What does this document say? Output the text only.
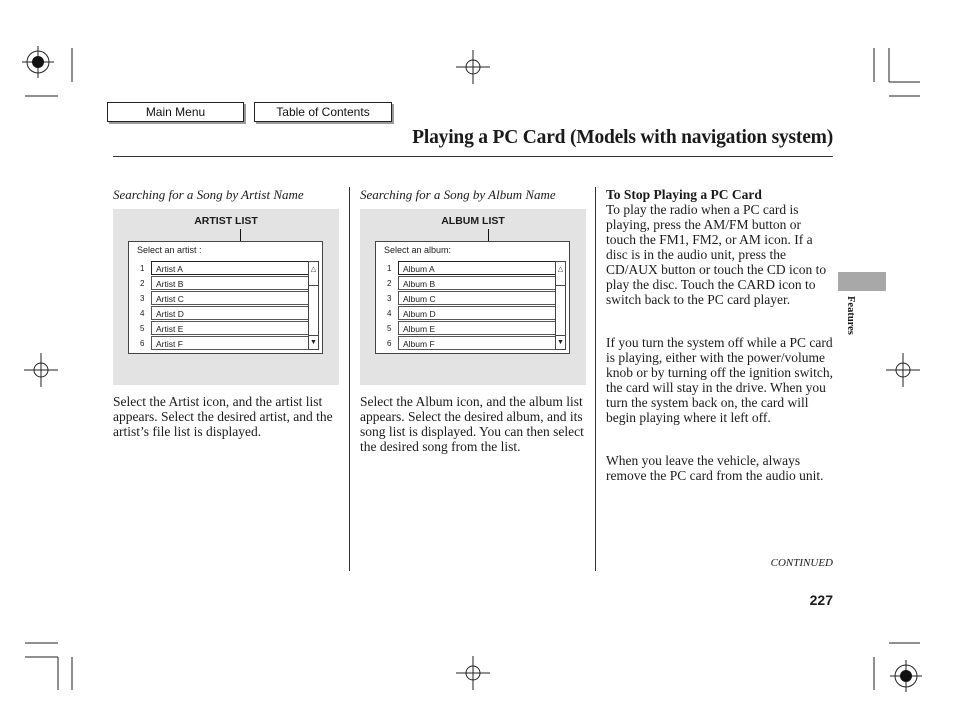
Main Menu	Table of Contents
Playing a PC Card (Models with navigation system)
Searching for a Song by Artist Name
ARTIST LIST
Select an artist :
1	Artist A
2	Artist B
3	Artist C
4	Artist D
5	Artist E
6	Artist F
△
▼
Select the Artist icon, and the artist list appears. Select the desired artist, and the artist’s file list is displayed.
Searching for a Song by Album Name
ALBUM LIST
Select an album:
1	Album A
2	Album B
3	Album C
4	Album D
5	Album E
6	Album F
△
▼
Select the Album icon, and the album list appears. Select the desired album, and its song list is displayed. You can then select the desired song from the list.
To Stop Playing a PC Card
To play the radio when a PC card is playing, press the AM/FM button or touch the FM1, FM2, or AM icon. If a disc is in the audio unit, press the CD/AUX button or touch the CD icon to play the disc. Touch the CARD icon to switch back to the PC card player.
If you turn the system off while a PC card is playing, either with the power/volume knob or by turning off the ignition switch, the card will stay in the drive. When you turn the system back on, the card will begin playing where it left off.
When you leave the vehicle, always remove the PC card from the audio unit.
Features
CONTINUED
227
